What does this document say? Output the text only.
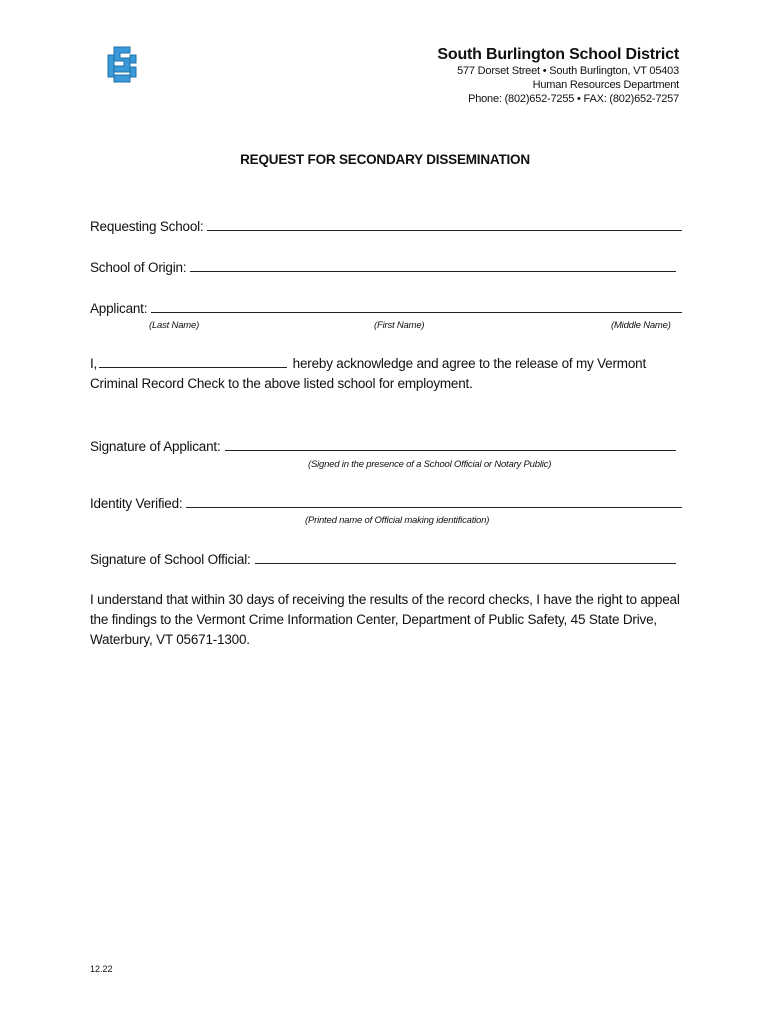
South Burlington School District
577 Dorset Street • South Burlington, VT 05403
Human Resources Department
Phone: (802)652-7255 • FAX: (802)652-7257
REQUEST FOR SECONDARY DISSEMINATION
Requesting School:
School of Origin:
Applicant:
(Last Name)	(First Name)	(Middle Name)
I,	hereby acknowledge and agree to the release of my Vermont Criminal Record Check to the above listed school for employment.
Signature of Applicant:
(Signed in the presence of a School Official or Notary Public)
Identity Verified:
(Printed name of Official making identification)
Signature of School Official:
I understand that within 30 days of receiving the results of the record checks, I have the right to appeal the findings to the Vermont Crime Information Center, Department of Public Safety, 45 State Drive, Waterbury, VT 05671-1300.
12.22
